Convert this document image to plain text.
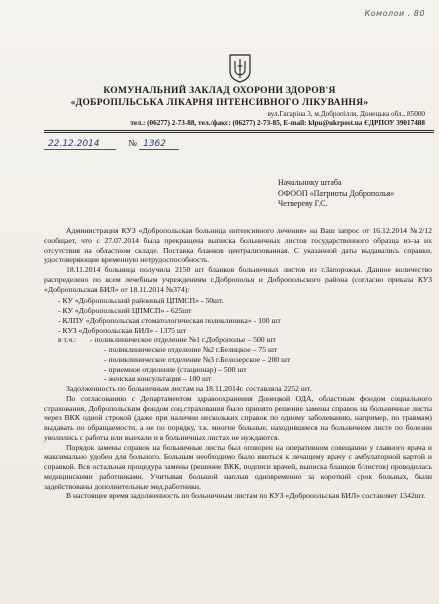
Комолои . 80
КОМУНАЛЬНИЙ ЗАКЛАД ОХОРОНИ ЗДОРОВ'Я
«ДОБРОПІЛЬСЬКА ЛІКАРНЯ ІНТЕНСИВНОГО ЛІКУВАННЯ»
вул.Гагаріна 3, м.Добропілля, Донецька обл., 85000
тел.: (06277) 2-73-88, тел./факс: (06277) 2-73-85, E-mail: klpu@ukrpost.ua ЄДРПОУ 39017488
22.12.2014	№ 1362
Начальнику штаба
ОФООП «Патриоты Доброполья»
Четвереву Г.С.

Администрация КУЗ «Добропольская больница интенсивного лечения» на Ваш запрос от 16.12.2014 №2/12 сообщает, что с 27.07.2014 была прекращена выписка больничных листов государственного образца из-за их отсутствия на областном складе. Поставка бланков централизованная. С указанной даты выдавались справки, удостоверяющие временную нетрудоспособность.

18.11.2014 больница получила 2150 шт бланков больничных листов из г.Запорожья. Данное количество распределено по всем лечебным учреждениям г.Доброполья и Добропольского района (согласно приказа КУЗ «Добропольская БИЛ» от 18.11.2014 №374):

- КУ «Добропольский районный ЦПМСП» - 50шт.
- КУ «Добропольский ЦПМСП» - 625шт
- КЛПУ «Добропольская стоматологическая поликлиника» - 100 шт
- КУЗ «Добропольская БИЛ» - 1375 шт
в т.ч.:	- поликлиническое отделение №1 г.Доброполье – 500 шт
- поликлиническое отделение №2 г.Белицкое – 75 шт
- поликлиническое отделение №3 г.Белозерское – 200 шт
- приемное отделение (стационар) – 500 шт
- женская консультация – 100 шт

Задолженность по больничным листам на 18.11.2014г. составляла 2252 шт.

По согласованию с Департаментом здравоохранения Донецкой ОДА, областным фондом социального страхования, Добропольским фондом соц.страхования было принято решение замены справок на больничные листы через ВКК одной строкой (даже при наличии нескольких справок по одному заболеванию, например, по травмам) выдавать по обращаемости, а не по порядку, т.к. многие больные, находившиеся на больничном листе по болезни уволились с работы или выехали и в больничных листах не нуждаются.

Порядок замены справок на больничные листы был оговорен на оперативном совещании у главного врача и максимально удобен для больного. Больным необходимо было явиться к лечащему врачу с амбулаторной картой и справкой. Вся остальная процедура замены (решение ВКК, подписи врачей, выписка бланков б/листов) проводилась медицинскими работниками. Учитывая большой наплыв одновременно за короткий срок больных, были задействованы дополнительные мед.работники.

В настоящее время задолженность по больничным листам по КУЗ «Добропольская БИЛ» составляет 1342шт.
